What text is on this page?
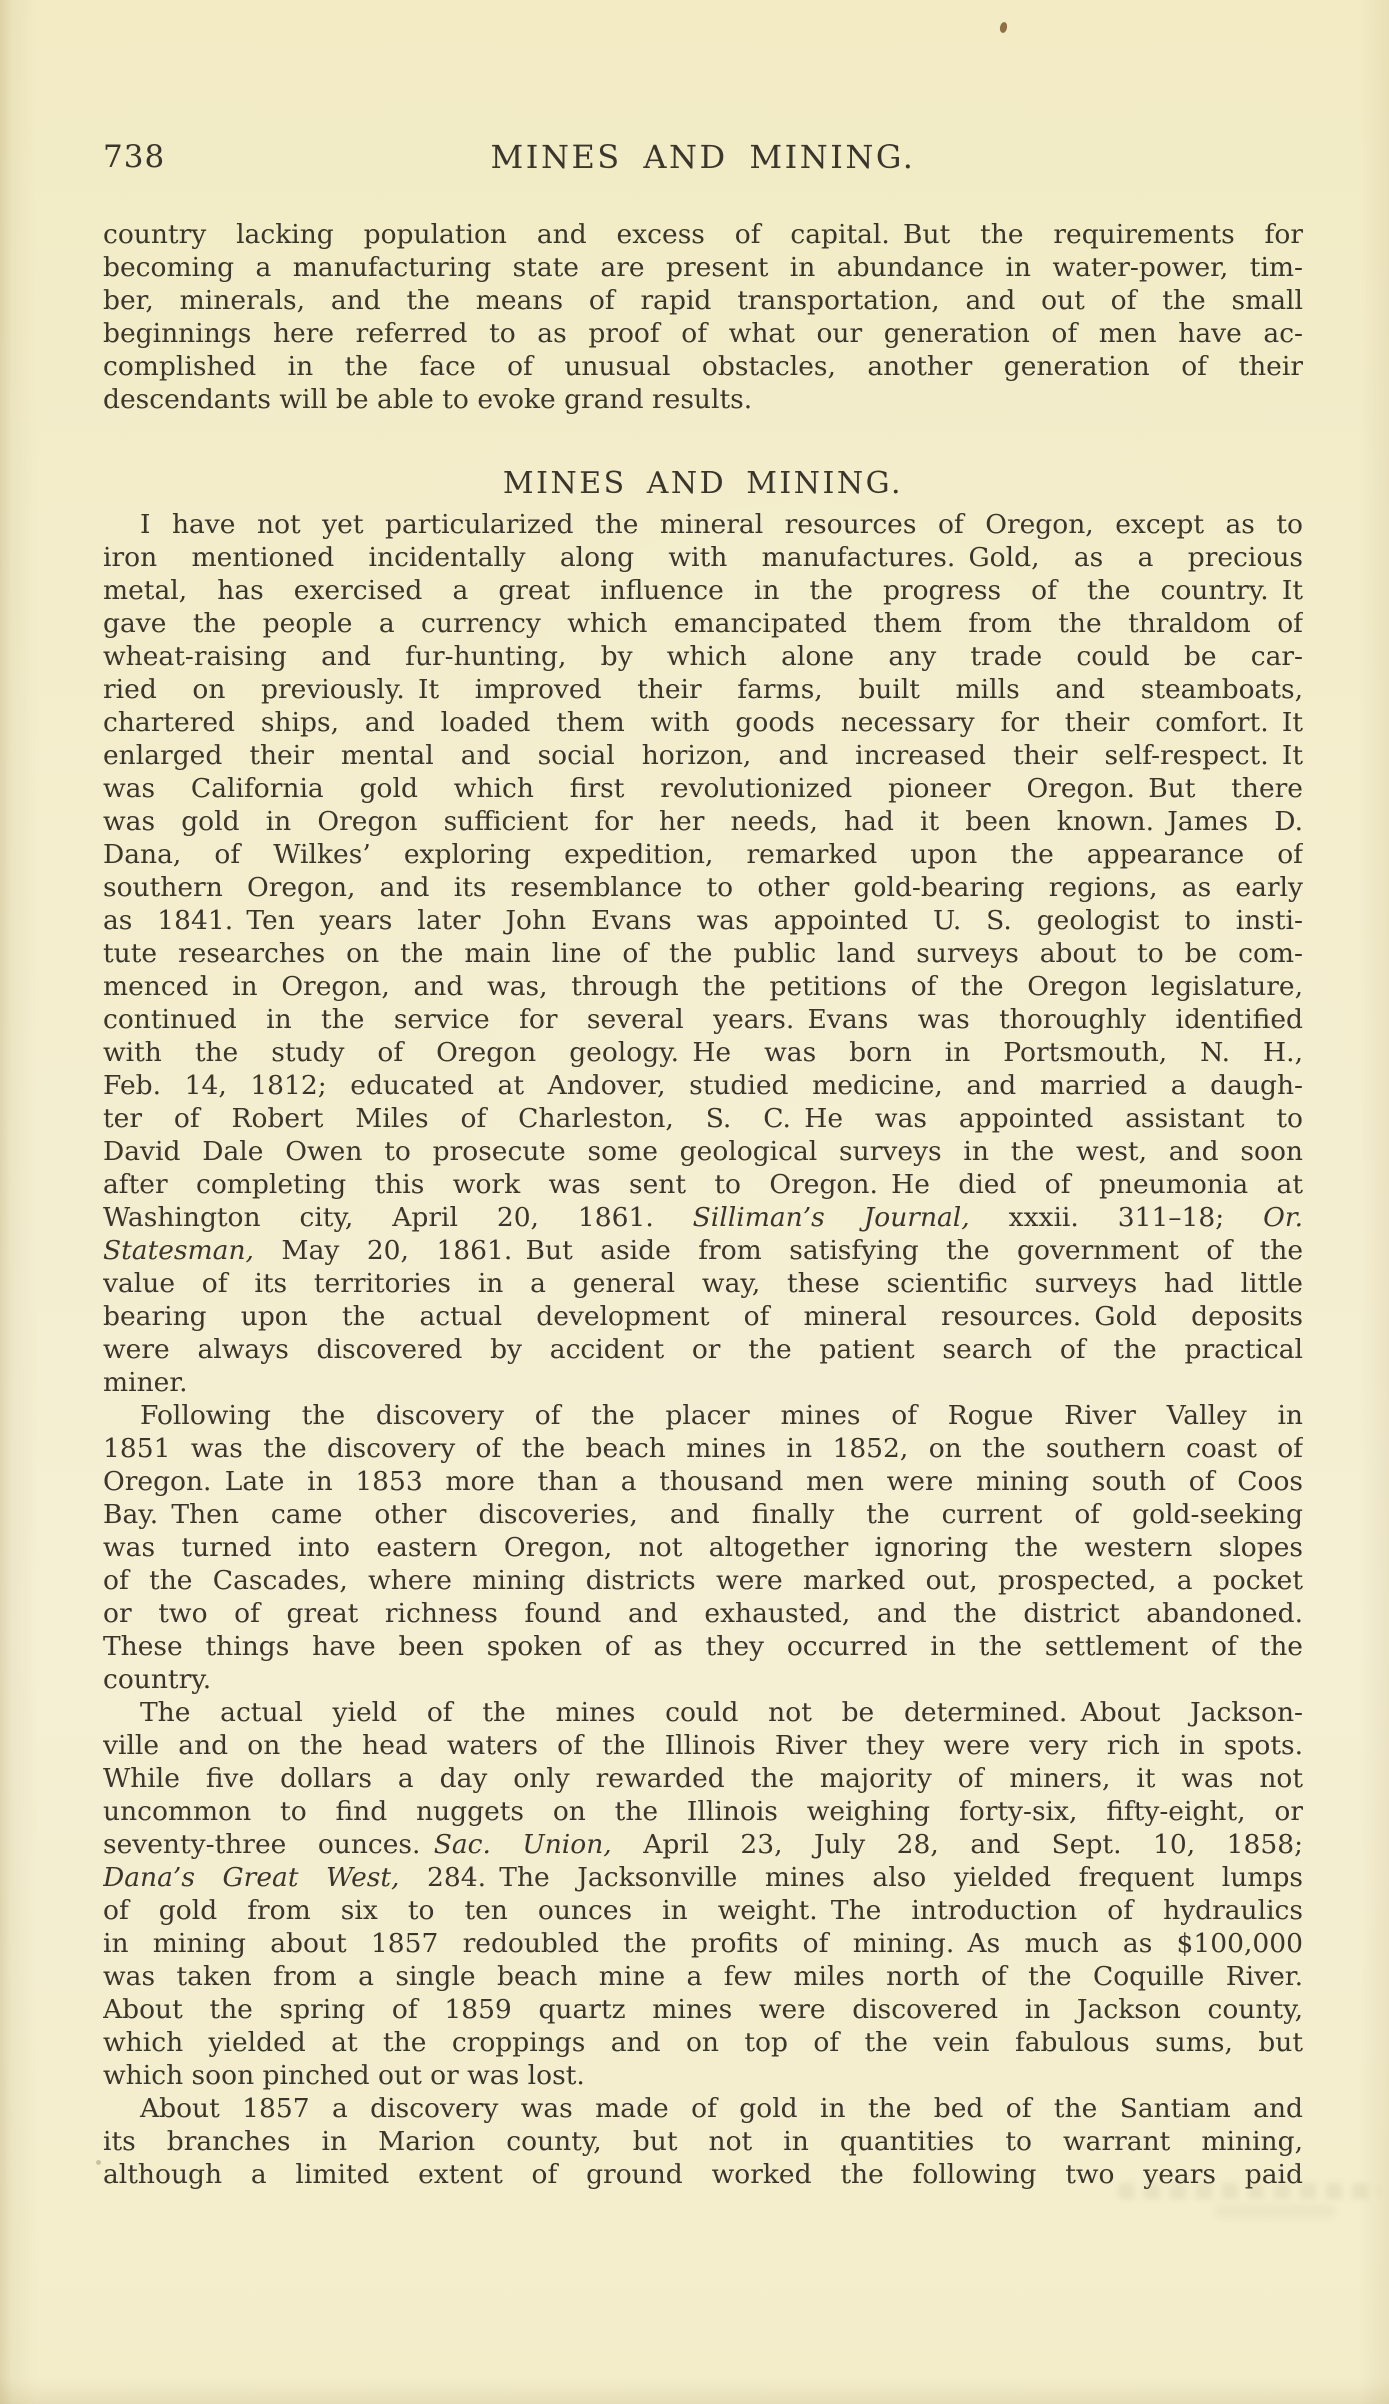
738	MINES AND MINING.
country lacking population and excess of capital. But the requirements for
becoming a manufacturing state are present in abundance in water-power, tim-
ber, minerals, and the means of rapid transportation, and out of the small
beginnings here referred to as proof of what our generation of men have ac-
complished in the face of unusual obstacles, another generation of their
descendants will be able to evoke grand results.
MINES AND MINING.
I have not yet particularized the mineral resources of Oregon, except as to
iron mentioned incidentally along with manufactures. Gold, as a precious
metal, has exercised a great influence in the progress of the country. It
gave the people a currency which emancipated them from the thraldom of
wheat-raising and fur-hunting, by which alone any trade could be car-
ried on previously. It improved their farms, built mills and steamboats,
chartered ships, and loaded them with goods necessary for their comfort. It
enlarged their mental and social horizon, and increased their self-respect. It
was California gold which first revolutionized pioneer Oregon. But there
was gold in Oregon sufficient for her needs, had it been known. James D.
Dana, of Wilkes’ exploring expedition, remarked upon the appearance of
southern Oregon, and its resemblance to other gold-bearing regions, as early
as 1841. Ten years later John Evans was appointed U. S. geologist to insti-
tute researches on the main line of the public land surveys about to be com-
menced in Oregon, and was, through the petitions of the Oregon legislature,
continued in the service for several years. Evans was thoroughly identified
with the study of Oregon geology. He was born in Portsmouth, N. H.,
Feb. 14, 1812; educated at Andover, studied medicine, and married a daugh-
ter of Robert Miles of Charleston, S. C. He was appointed assistant to
David Dale Owen to prosecute some geological surveys in the west, and soon
after completing this work was sent to Oregon. He died of pneumonia at
Washington city, April 20, 1861. Silliman’s Journal, xxxii. 311–18; Or.
Statesman, May 20, 1861. But aside from satisfying the government of the
value of its territories in a general way, these scientific surveys had little
bearing upon the actual development of mineral resources. Gold deposits
were always discovered by accident or the patient search of the practical
miner.
Following the discovery of the placer mines of Rogue River Valley in
1851 was the discovery of the beach mines in 1852, on the southern coast of
Oregon. Late in 1853 more than a thousand men were mining south of Coos
Bay. Then came other discoveries, and finally the current of gold-seeking
was turned into eastern Oregon, not altogether ignoring the western slopes
of the Cascades, where mining districts were marked out, prospected, a pocket
or two of great richness found and exhausted, and the district abandoned.
These things have been spoken of as they occurred in the settlement of the
country.
The actual yield of the mines could not be determined. About Jackson-
ville and on the head waters of the Illinois River they were very rich in spots.
While five dollars a day only rewarded the majority of miners, it was not
uncommon to find nuggets on the Illinois weighing forty-six, fifty-eight, or
seventy-three ounces. Sac. Union, April 23, July 28, and Sept. 10, 1858;
Dana’s Great West, 284. The Jacksonville mines also yielded frequent lumps
of gold from six to ten ounces in weight. The introduction of hydraulics
in mining about 1857 redoubled the profits of mining. As much as $100,000
was taken from a single beach mine a few miles north of the Coquille River.
About the spring of 1859 quartz mines were discovered in Jackson county,
which yielded at the croppings and on top of the vein fabulous sums, but
which soon pinched out or was lost.
About 1857 a discovery was made of gold in the bed of the Santiam and
its branches in Marion county, but not in quantities to warrant mining,
although a limited extent of ground worked the following two years paid
